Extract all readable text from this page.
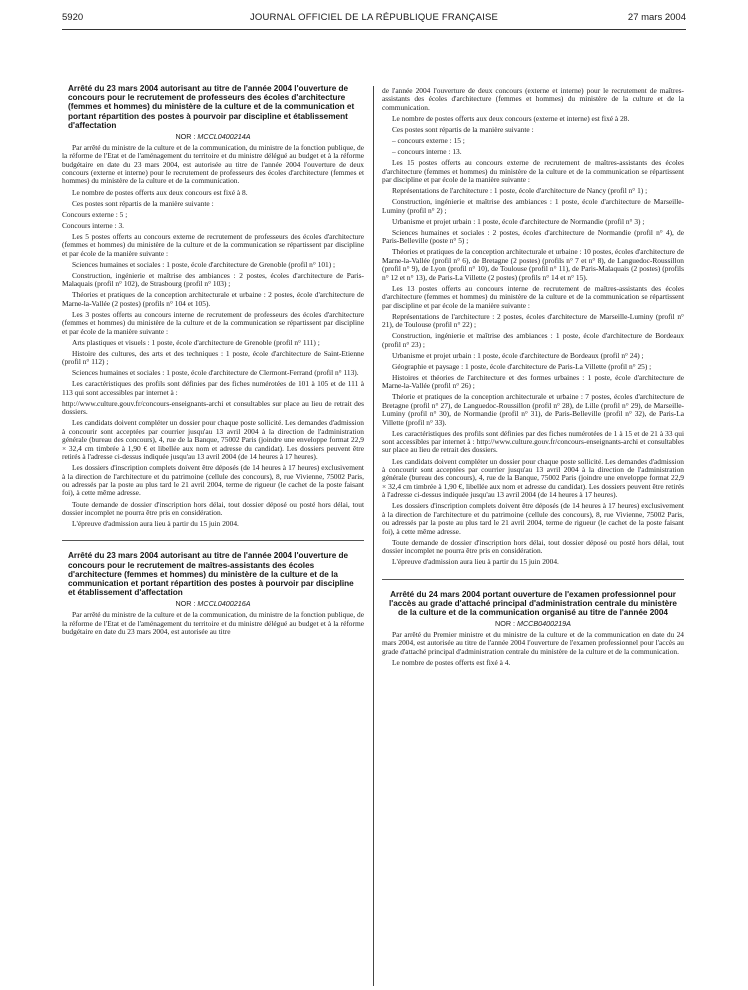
5920	JOURNAL OFFICIEL DE LA RÉPUBLIQUE FRANÇAISE	27 mars 2004

Arrêté du 23 mars 2004 autorisant au titre de l'année 2004 l'ouverture de concours pour le recrutement de professeurs des écoles d'architecture (femmes et hommes) du ministère de la culture et de la communication et portant répartition des postes à pourvoir par discipline et établissement d'affectation

NOR : MCCL0400214A

Par arrêté du ministre de la culture et de la communication, du ministre de la fonction publique, de la réforme de l'Etat et de l'aménagement du territoire et du ministre délégué au budget et à la réforme budgétaire en date du 23 mars 2004, est autorisée au titre de l'année 2004 l'ouverture de deux concours (externe et interne) pour le recrutement de professeurs des écoles d'architecture (femmes et hommes) du ministère de la culture et de la communication.

Le nombre de postes offerts aux deux concours est fixé à 8.

Ces postes sont répartis de la manière suivante :

Concours externe : 5 ;

Concours interne : 3.

Les 5 postes offerts au concours externe de recrutement de professeurs des écoles d'architecture (femmes et hommes) du ministère de la culture et de la communication se répartissent par discipline et par école de la manière suivante :

Sciences humaines et sociales : 1 poste, école d'architecture de Grenoble (profil n° 101) ;

Construction, ingénierie et maîtrise des ambiances : 2 postes, écoles d'architecture de Paris-Malaquais (profil n° 102), de Strasbourg (profil n° 103) ;

Théories et pratiques de la conception architecturale et urbaine : 2 postes, école d'architecture de Marne-la-Vallée (2 postes) (profils n° 104 et 105).

Les 3 postes offerts au concours interne de recrutement de professeurs des écoles d'architecture (femmes et hommes) du ministère de la culture et de la communication se répartissent par discipline et par école de la manière suivante :

Arts plastiques et visuels : 1 poste, école d'architecture de Grenoble (profil n° 111) ;

Histoire des cultures, des arts et des techniques : 1 poste, école d'architecture de Saint-Etienne (profil n° 112) ;

Sciences humaines et sociales : 1 poste, école d'architecture de Clermont-Ferrand (profil n° 113).

Les caractéristiques des profils sont définies par des fiches numérotées de 101 à 105 et de 111 à 113 qui sont accessibles par internet à :

http://www.culture.gouv.fr/concours-enseignants-archi et consultables sur place au lieu de retrait des dossiers.

Les candidats doivent compléter un dossier pour chaque poste sollicité. Les demandes d'admission à concourir sont acceptées par courrier jusqu'au 13 avril 2004 à la direction de l'administration générale (bureau des concours), 4, rue de la Banque, 75002 Paris (joindre une enveloppe format 22,9 × 32,4 cm timbrée à 1,90 € et libellée aux nom et adresse du candidat). Les dossiers peuvent être retirés à l'adresse ci-dessus indiquée jusqu'au 13 avril 2004 (de 14 heures à 17 heures).

Les dossiers d'inscription complets doivent être déposés (de 14 heures à 17 heures) exclusivement à la direction de l'architecture et du patrimoine (cellule des concours), 8, rue Vivienne, 75002 Paris, ou adressés par la poste au plus tard le 21 avril 2004, terme de rigueur (le cachet de la poste faisant foi), à cette même adresse.

Toute demande de dossier d'inscription hors délai, tout dossier déposé ou posté hors délai, tout dossier incomplet ne pourra être pris en considération.

L'épreuve d'admission aura lieu à partir du 15 juin 2004.

Arrêté du 23 mars 2004 autorisant au titre de l'année 2004 l'ouverture de concours pour le recrutement de maîtres-assistants des écoles d'architecture (femmes et hommes) du ministère de la culture et de la communication et portant répartition des postes à pourvoir par discipline et établissement d'affectation

NOR : MCCL0400216A

Par arrêté du ministre de la culture et de la communication, du ministre de la fonction publique, de la réforme de l'Etat et de l'aménagement du territoire et du ministre délégué au budget et à la réforme budgétaire en date du 23 mars 2004, est autorisée au titre

de l'année 2004 l'ouverture de deux concours (externe et interne) pour le recrutement de maîtres-assistants des écoles d'architecture (femmes et hommes) du ministère de la culture et de la communication.

Le nombre de postes offerts aux deux concours (externe et interne) est fixé à 28.

Ces postes sont répartis de la manière suivante :

– concours externe : 15 ;

– concours interne : 13.

Les 15 postes offerts au concours externe de recrutement de maîtres-assistants des écoles d'architecture (femmes et hommes) du ministère de la culture et de la communication se répartissent par discipline et par école de la manière suivante :

Représentations de l'architecture : 1 poste, école d'architecture de Nancy (profil n° 1) ;

Construction, ingénierie et maîtrise des ambiances : 1 poste, école d'architecture de Marseille-Luminy (profil n° 2) ;

Urbanisme et projet urbain : 1 poste, école d'architecture de Normandie (profil n° 3) ;

Sciences humaines et sociales : 2 postes, écoles d'architecture de Normandie (profil n° 4), de Paris-Belleville (poste n° 5) ;

Théories et pratiques de la conception architecturale et urbaine : 10 postes, écoles d'architecture de Marne-la-Vallée (profil n° 6), de Bretagne (2 postes) (profils n° 7 et n° 8), de Languedoc-Roussillon (profil n° 9), de Lyon (profil n° 10), de Toulouse (profil n° 11), de Paris-Malaquais (2 postes) (profils n° 12 et n° 13), de Paris-La Villette (2 postes) (profils n° 14 et n° 15).

Les 13 postes offerts au concours interne de recrutement de maîtres-assistants des écoles d'architecture (femmes et hommes) du ministère de la culture et de la communication se répartissent par discipline et par école de la manière suivante :

Représentations de l'architecture : 2 postes, écoles d'architecture de Marseille-Luminy (profil n° 21), de Toulouse (profil n° 22) ;

Construction, ingénierie et maîtrise des ambiances : 1 poste, école d'architecture de Bordeaux (profil n° 23) ;

Urbanisme et projet urbain : 1 poste, école d'architecture de Bordeaux (profil n° 24) ;

Géographie et paysage : 1 poste, école d'architecture de Paris-La Villette (profil n° 25) ;

Histoires et théories de l'architecture et des formes urbaines : 1 poste, école d'architecture de Marne-la-Vallée (profil n° 26) ;

Théorie et pratiques de la conception architecturale et urbaine : 7 postes, écoles d'architecture de Bretagne (profil n° 27), de Languedoc-Roussillon (profil n° 28), de Lille (profil n° 29), de Marseille-Luminy (profil n° 30), de Normandie (profil n° 31), de Paris-Belleville (profil n° 32), de Paris-La Villette (profil n° 33).

Les caractéristiques des profils sont définies par des fiches numérotées de 1 à 15 et de 21 à 33 qui sont accessibles par internet à : http://www.culture.gouv.fr/concours-enseignants-archi et consultables sur place au lieu de retrait des dossiers.

Les candidats doivent compléter un dossier pour chaque poste sollicité. Les demandes d'admission à concourir sont acceptées par courrier jusqu'au 13 avril 2004 à la direction de l'administration générale (bureau des concours), 4, rue de la Banque, 75002 Paris (joindre une enveloppe format 22,9 × 32,4 cm timbrée à 1,90 €, libellée aux nom et adresse du candidat). Les dossiers peuvent être retirés à l'adresse ci-dessus indiquée jusqu'au 13 avril 2004 (de 14 heures à 17 heures).

Les dossiers d'inscription complets doivent être déposés (de 14 heures à 17 heures) exclusivement à la direction de l'architecture et du patrimoine (cellule des concours), 8, rue Vivienne, 75002 Paris, ou adressés par la poste au plus tard le 21 avril 2004, terme de rigueur (le cachet de la poste faisant foi), à cette même adresse.

Toute demande de dossier d'inscription hors délai, tout dossier déposé ou posté hors délai, tout dossier incomplet ne pourra être pris en considération.

L'épreuve d'admission aura lieu à partir du 15 juin 2004.

Arrêté du 24 mars 2004 portant ouverture de l'examen professionnel pour l'accès au grade d'attaché principal d'administration centrale du ministère de la culture et de la communication organisé au titre de l'année 2004

NOR : MCCB0400219A

Par arrêté du Premier ministre et du ministre de la culture et de la communication en date du 24 mars 2004, est autorisée au titre de l'année 2004 l'ouverture de l'examen professionnel pour l'accès au grade d'attaché principal d'administration centrale du ministère de la culture et de la communication.

Le nombre de postes offerts est fixé à 4.
